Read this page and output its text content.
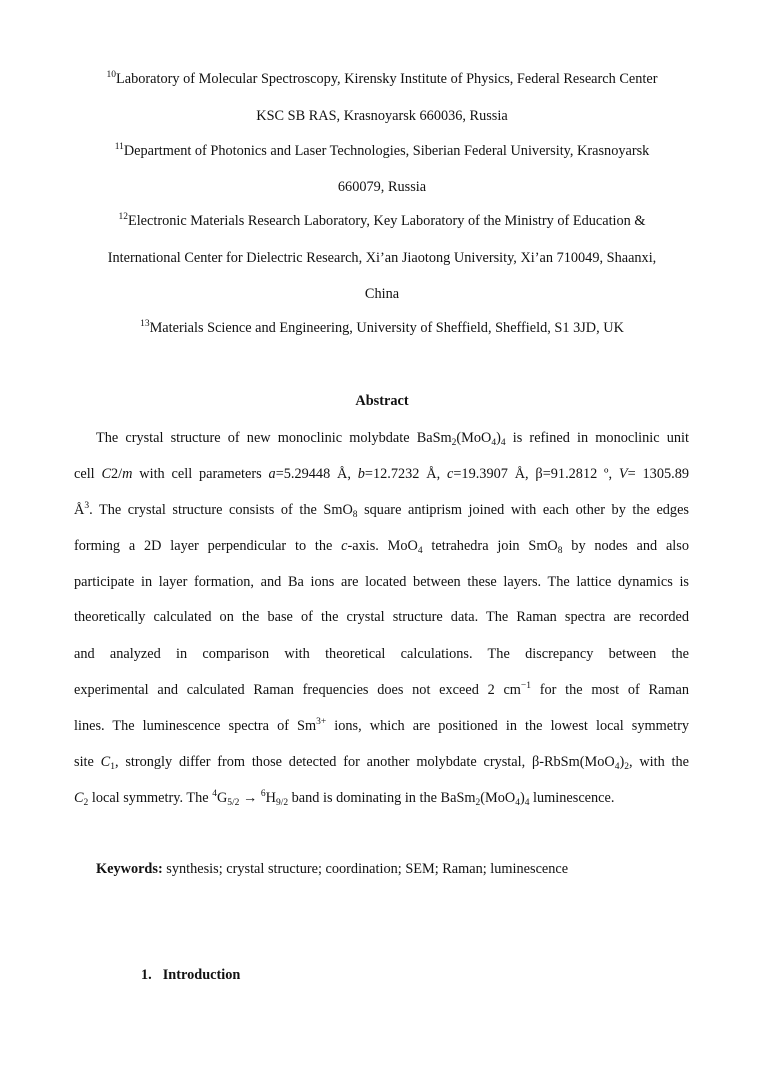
$^{10}$Laboratory of Molecular Spectroscopy, Kirensky Institute of Physics, Federal Research Center
KSC SB RAS, Krasnoyarsk 660036, Russia
$^{11}$Department of Photonics and Laser Technologies, Siberian Federal University, Krasnoyarsk
660079, Russia
$^{12}$Electronic Materials Research Laboratory, Key Laboratory of the Ministry of Education &
International Center for Dielectric Research, Xi’an Jiaotong University, Xi’an 710049, Shaanxi,
China
$^{13}$Materials Science and Engineering, University of Sheffield, Sheffield, S1 3JD, UK
Abstract
The crystal structure of new monoclinic molybdate $BaSm_2(MoO_4)_4$ is refined in monoclinic unit
cell C2/m with cell parameters a=5.29448 Å, b=12.7232 Å, c=19.3907 Å, β=91.2812 º, V= 1305.89
$Å^3$. The crystal structure consists of the SmO$_8$ square antiprism joined with each other by the edges
forming a 2D layer perpendicular to the c-axis. MoO$_4$ tetrahedra join SmO$_8$ by nodes and also
participate in layer formation, and Ba ions are located between these layers. The lattice dynamics is
theoretically calculated on the base of the crystal structure data. The Raman spectra are recorded
and analyzed in comparison with theoretical calculations. The discrepancy between the
experimental and calculated Raman frequencies does not exceed 2 $cm^{-1}$ for the most of Raman
lines. The luminescence spectra of $Sm^{3+}$ ions, which are positioned in the lowest local symmetry
site $C_1$, strongly differ from those detected for another molybdate crystal, $\beta-RbSm(MoO_4)_2$, with the
$C_2$ local symmetry. The $^4G_{5/2} \to ^6H_{9/2}$ band is dominating in the $BaSm_2(MoO_4)_4$ luminescence.
Keywords: synthesis; crystal structure; coordination; SEM; Raman; luminescence
1. Introduction
